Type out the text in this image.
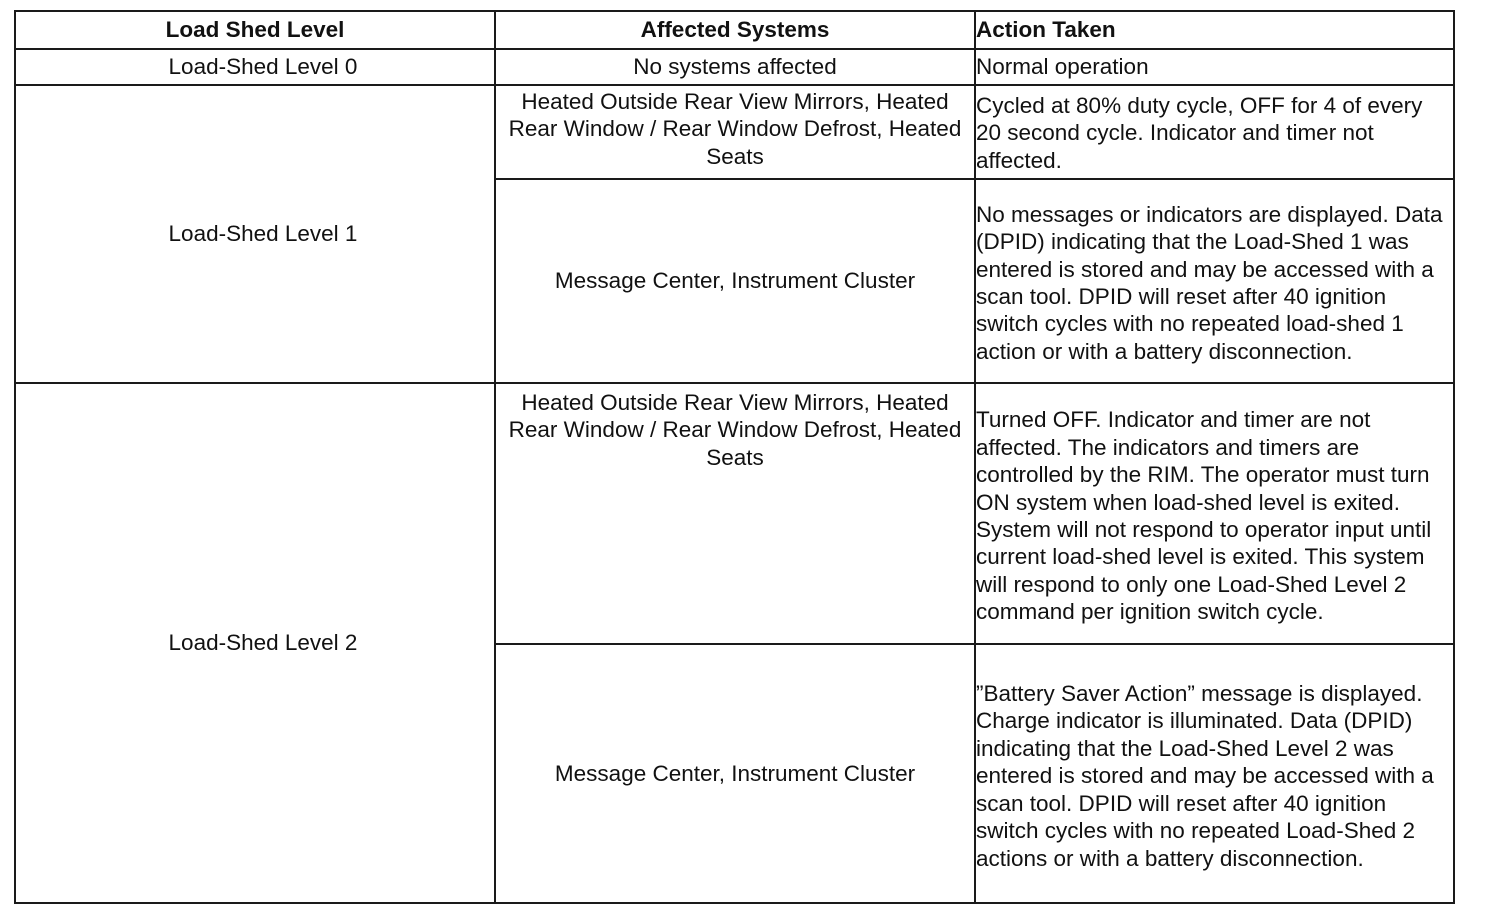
Load Shed Level	Affected Systems	Action Taken
Load-Shed Level 0	No systems affected	Normal operation
Load-Shed Level 1	Heated Outside Rear View Mirrors, Heated Rear Window / Rear Window Defrost, Heated Seats	Cycled at 80% duty cycle, OFF for 4 of every 20 second cycle. Indicator and timer not affected.
	Message Center, Instrument Cluster	No messages or indicators are displayed. Data (DPID) indicating that the Load-Shed 1 was entered is stored and may be accessed with a scan tool. DPID will reset after 40 ignition switch cycles with no repeated load-shed 1 action or with a battery disconnection.
Load-Shed Level 2	Heated Outside Rear View Mirrors, Heated Rear Window / Rear Window Defrost, Heated Seats	Turned OFF. Indicator and timer are not affected. The indicators and timers are controlled by the RIM. The operator must turn ON system when load-shed level is exited. System will not respond to operator input until current load-shed level is exited. This system will respond to only one Load-Shed Level 2 command per ignition switch cycle.
	Message Center, Instrument Cluster	”Battery Saver Action” message is displayed. Charge indicator is illuminated. Data (DPID) indicating that the Load-Shed Level 2 was entered is stored and may be accessed with a scan tool. DPID will reset after 40 ignition switch cycles with no repeated Load-Shed 2 actions or with a battery disconnection.
